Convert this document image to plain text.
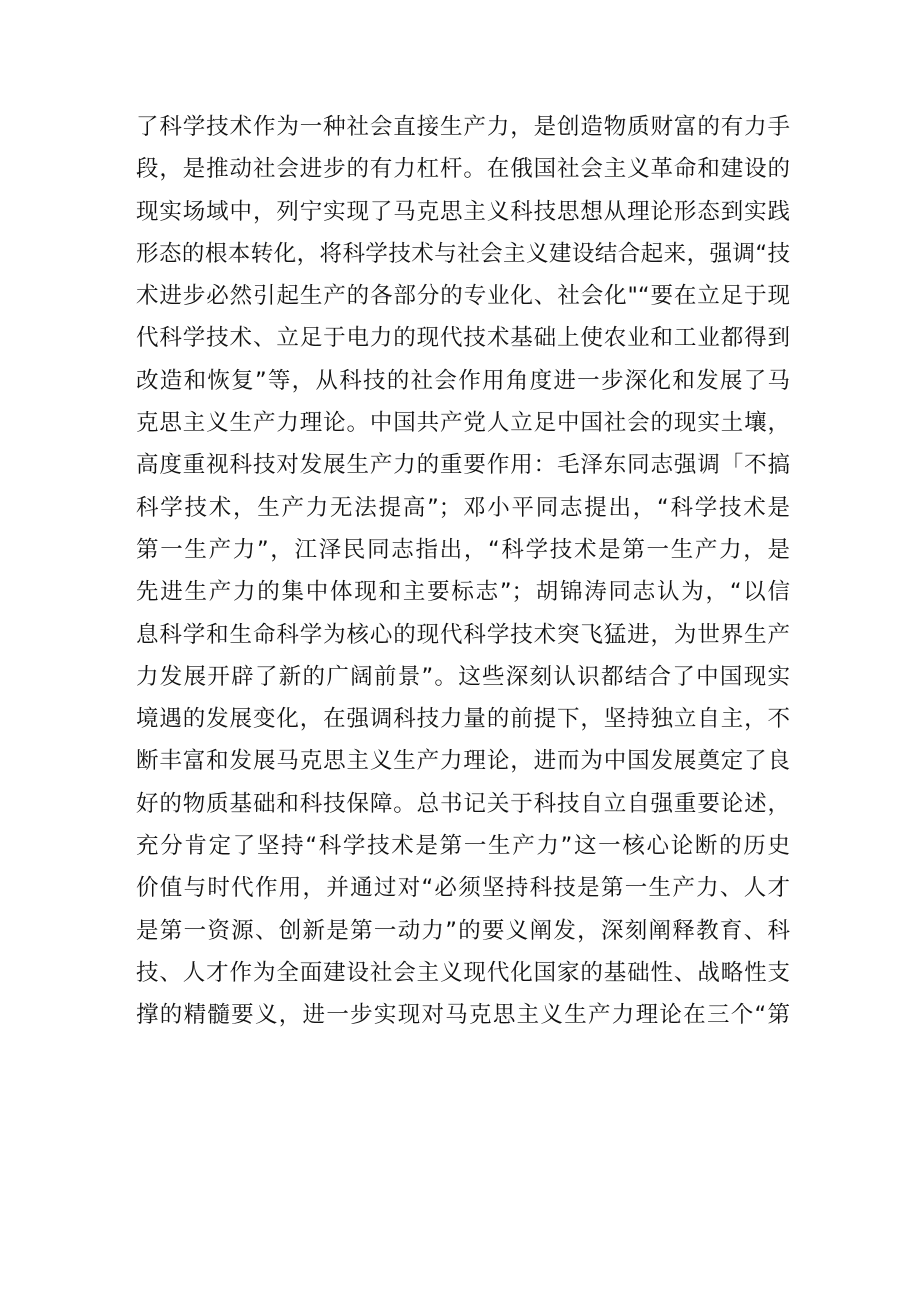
了科学技术作为一种社会直接生产力，是创造物质财富的有力手
段，是推动社会进步的有力杠杆。在俄国社会主义革命和建设的
现实场域中，列宁实现了马克思主义科技思想从理论形态到实践
形态的根本转化，将科学技术与社会主义建设结合起来，强调“技
术进步必然引起生产的各部分的专业化、社会化"“要在立足于现
代科学技术、立足于电力的现代技术基础上使农业和工业都得到
改造和恢复”等，从科技的社会作用角度进一步深化和发展了马
克思主义生产力理论。中国共产党人立足中国社会的现实土壤，
高度重视科技对发展生产力的重要作用：毛泽东同志强调「不搞
科学技术，生产力无法提高”；邓小平同志提出，“科学技术是
第一生产力”，江泽民同志指出，“科学技术是第一生产力，是
先进生产力的集中体现和主要标志”；胡锦涛同志认为，“以信
息科学和生命科学为核心的现代科学技术突飞猛进，为世界生产
力发展开辟了新的广阔前景”。这些深刻认识都结合了中国现实
境遇的发展变化，在强调科技力量的前提下，坚持独立自主，不
断丰富和发展马克思主义生产力理论，进而为中国发展奠定了良
好的物质基础和科技保障。总书记关于科技自立自强重要论述，
充分肯定了坚持“科学技术是第一生产力”这一核心论断的历史
价值与时代作用，并通过对“必须坚持科技是第一生产力、人才
是第一资源、创新是第一动力”的要义阐发，深刻阐释教育、科
技、人才作为全面建设社会主义现代化国家的基础性、战略性支
撑的精髓要义，进一步实现对马克思主义生产力理论在三个“第
